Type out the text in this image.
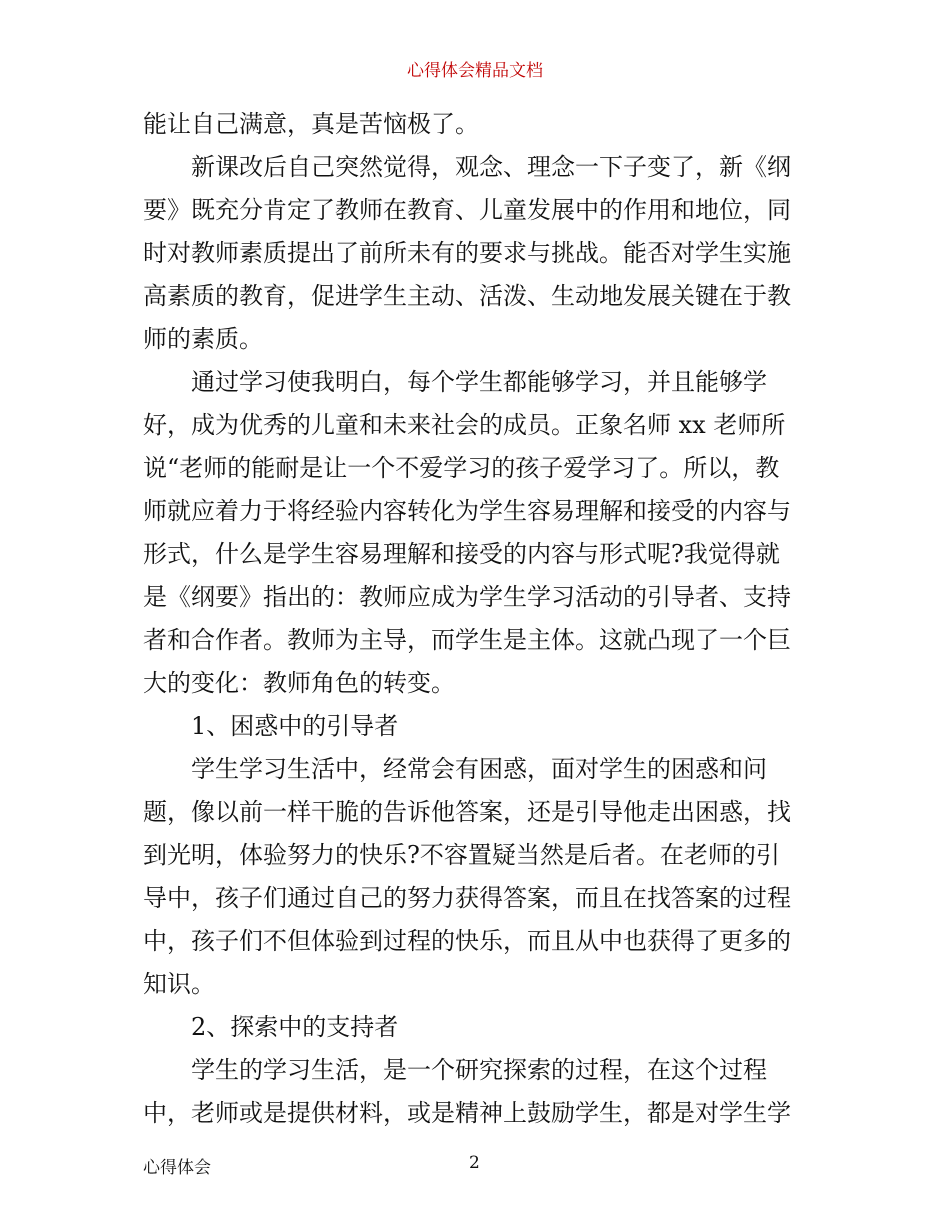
心得体会精品文档
能让自己满意，真是苦恼极了。
新课改后自己突然觉得，观念、理念一下子变了，新《纲
要》既充分肯定了教师在教育、儿童发展中的作用和地位，同
时对教师素质提出了前所未有的要求与挑战。能否对学生实施
高素质的教育，促进学生主动、活泼、生动地发展关键在于教
师的素质。
通过学习使我明白，每个学生都能够学习，并且能够学
好，成为优秀的儿童和未来社会的成员。正象名师 xx 老师所
说“老师的能耐是让一个不爱学习的孩子爱学习了。所以，教
师就应着力于将经验内容转化为学生容易理解和接受的内容与
形式，什么是学生容易理解和接受的内容与形式呢?我觉得就
是《纲要》指出的：教师应成为学生学习活动的引导者、支持
者和合作者。教师为主导，而学生是主体。这就凸现了一个巨
大的变化：教师角色的转变。
1、困惑中的引导者
学生学习生活中，经常会有困惑，面对学生的困惑和问
题，像以前一样干脆的告诉他答案，还是引导他走出困惑，找
到光明，体验努力的快乐?不容置疑当然是后者。在老师的引
导中，孩子们通过自己的努力获得答案，而且在找答案的过程
中，孩子们不但体验到过程的快乐，而且从中也获得了更多的
知识。
2、探索中的支持者
学生的学习生活，是一个研究探索的过程，在这个过程
中，老师或是提供材料，或是精神上鼓励学生，都是对学生学
心得体会	2
